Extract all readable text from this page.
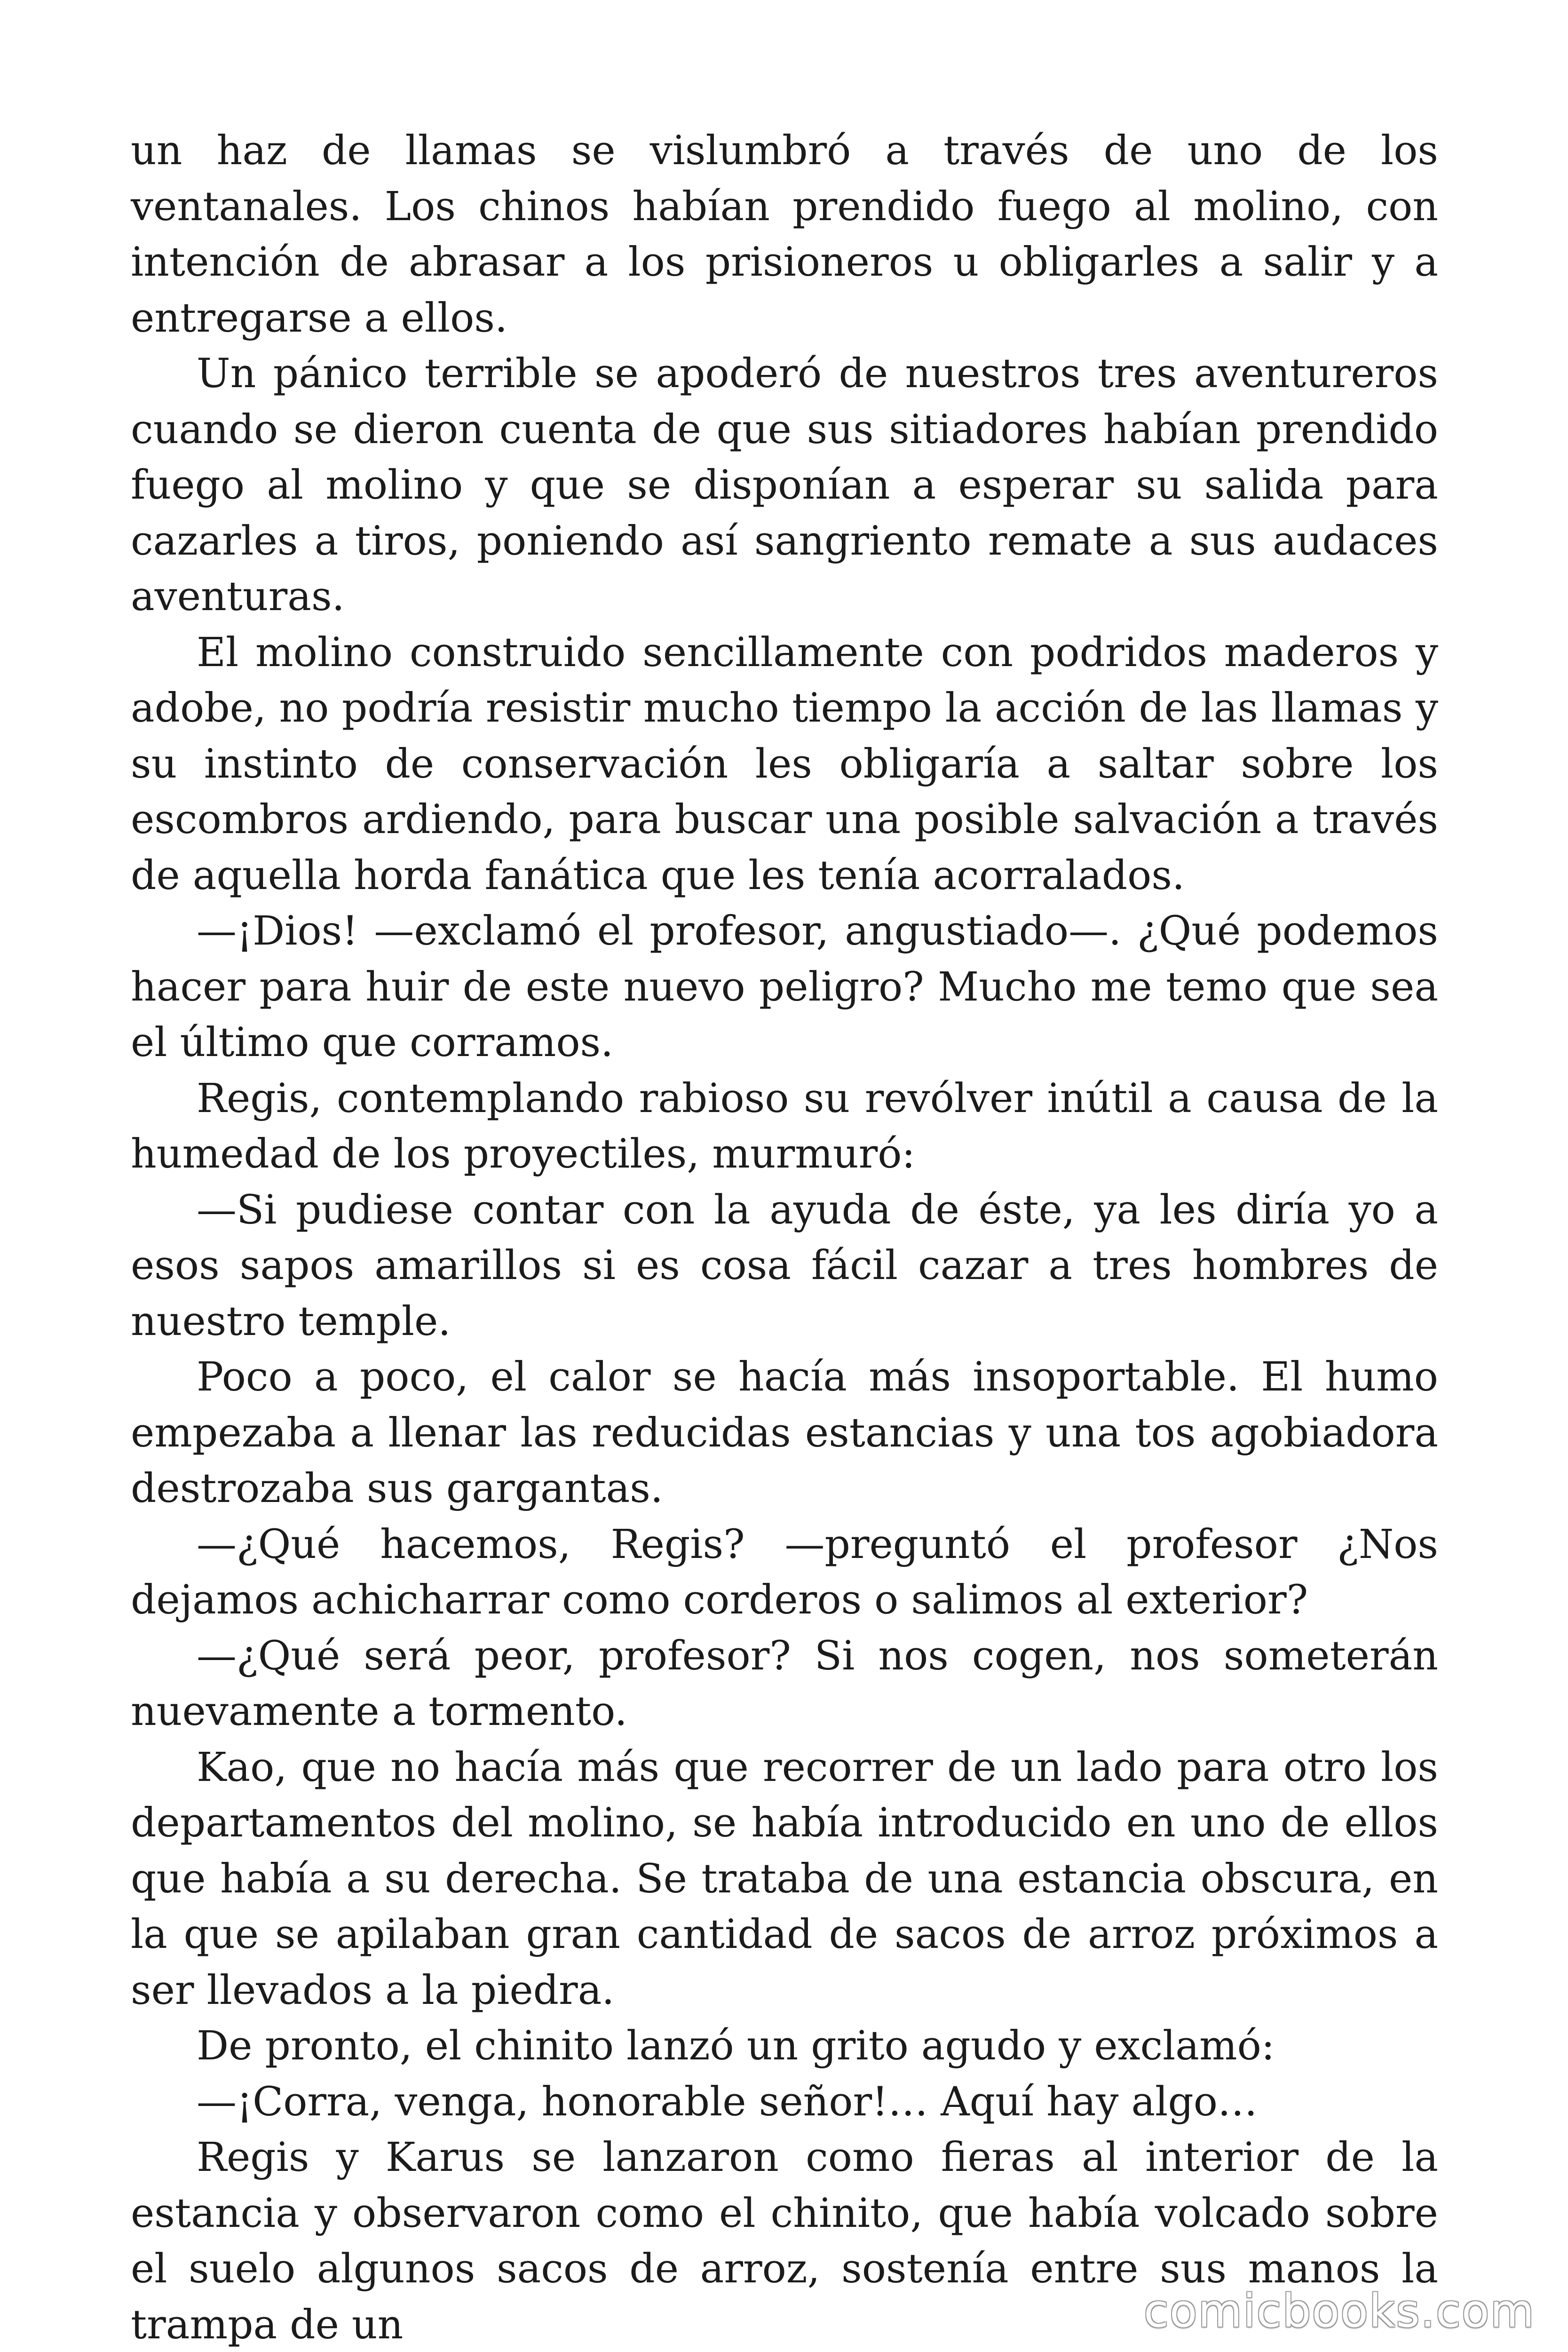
un haz de llamas se vislumbró a través de uno de los ventanales. Los chinos habían prendido fuego al molino, con intención de abrasar a los prisioneros u obligarles a salir y a entregarse a ellos.

Un pánico terrible se apoderó de nuestros tres aventureros cuando se dieron cuenta de que sus sitiadores habían prendido fuego al molino y que se disponían a esperar su salida para cazarles a tiros, poniendo así sangriento remate a sus audaces aventuras.

El molino construido sencillamente con podridos maderos y adobe, no podría resistir mucho tiempo la acción de las llamas y su instinto de conservación les obligaría a saltar sobre los escombros ardiendo, para buscar una posible salvación a través de aquella horda fanática que les tenía acorralados.

—¡Dios! —exclamó el profesor, angustiado—. ¿Qué podemos hacer para huir de este nuevo peligro? Mucho me temo que sea el último que corramos.

Regis, contemplando rabioso su revólver inútil a causa de la humedad de los proyectiles, murmuró:

—Si pudiese contar con la ayuda de éste, ya les diría yo a esos sapos amarillos si es cosa fácil cazar a tres hombres de nuestro temple.

Poco a poco, el calor se hacía más insoportable. El humo empezaba a llenar las reducidas estancias y una tos agobiadora destrozaba sus gargantas.

—¿Qué hacemos, Regis? —preguntó el profesor ¿Nos dejamos achicharrar como corderos o salimos al exterior?

—¿Qué será peor, profesor? Si nos cogen, nos someterán nuevamente a tormento.

Kao, que no hacía más que recorrer de un lado para otro los departamentos del molino, se había introducido en uno de ellos que había a su derecha. Se trataba de una estancia obscura, en la que se apilaban gran cantidad de sacos de arroz próximos a ser llevados a la piedra.

De pronto, el chinito lanzó un grito agudo y exclamó:

—¡Corra, venga, honorable señor!… Aquí hay algo…

Regis y Karus se lanzaron como fieras al interior de la estancia y observaron como el chinito, que había volcado sobre el suelo algunos sacos de arroz, sostenía entre sus manos la trampa de un	comicbooks.com
